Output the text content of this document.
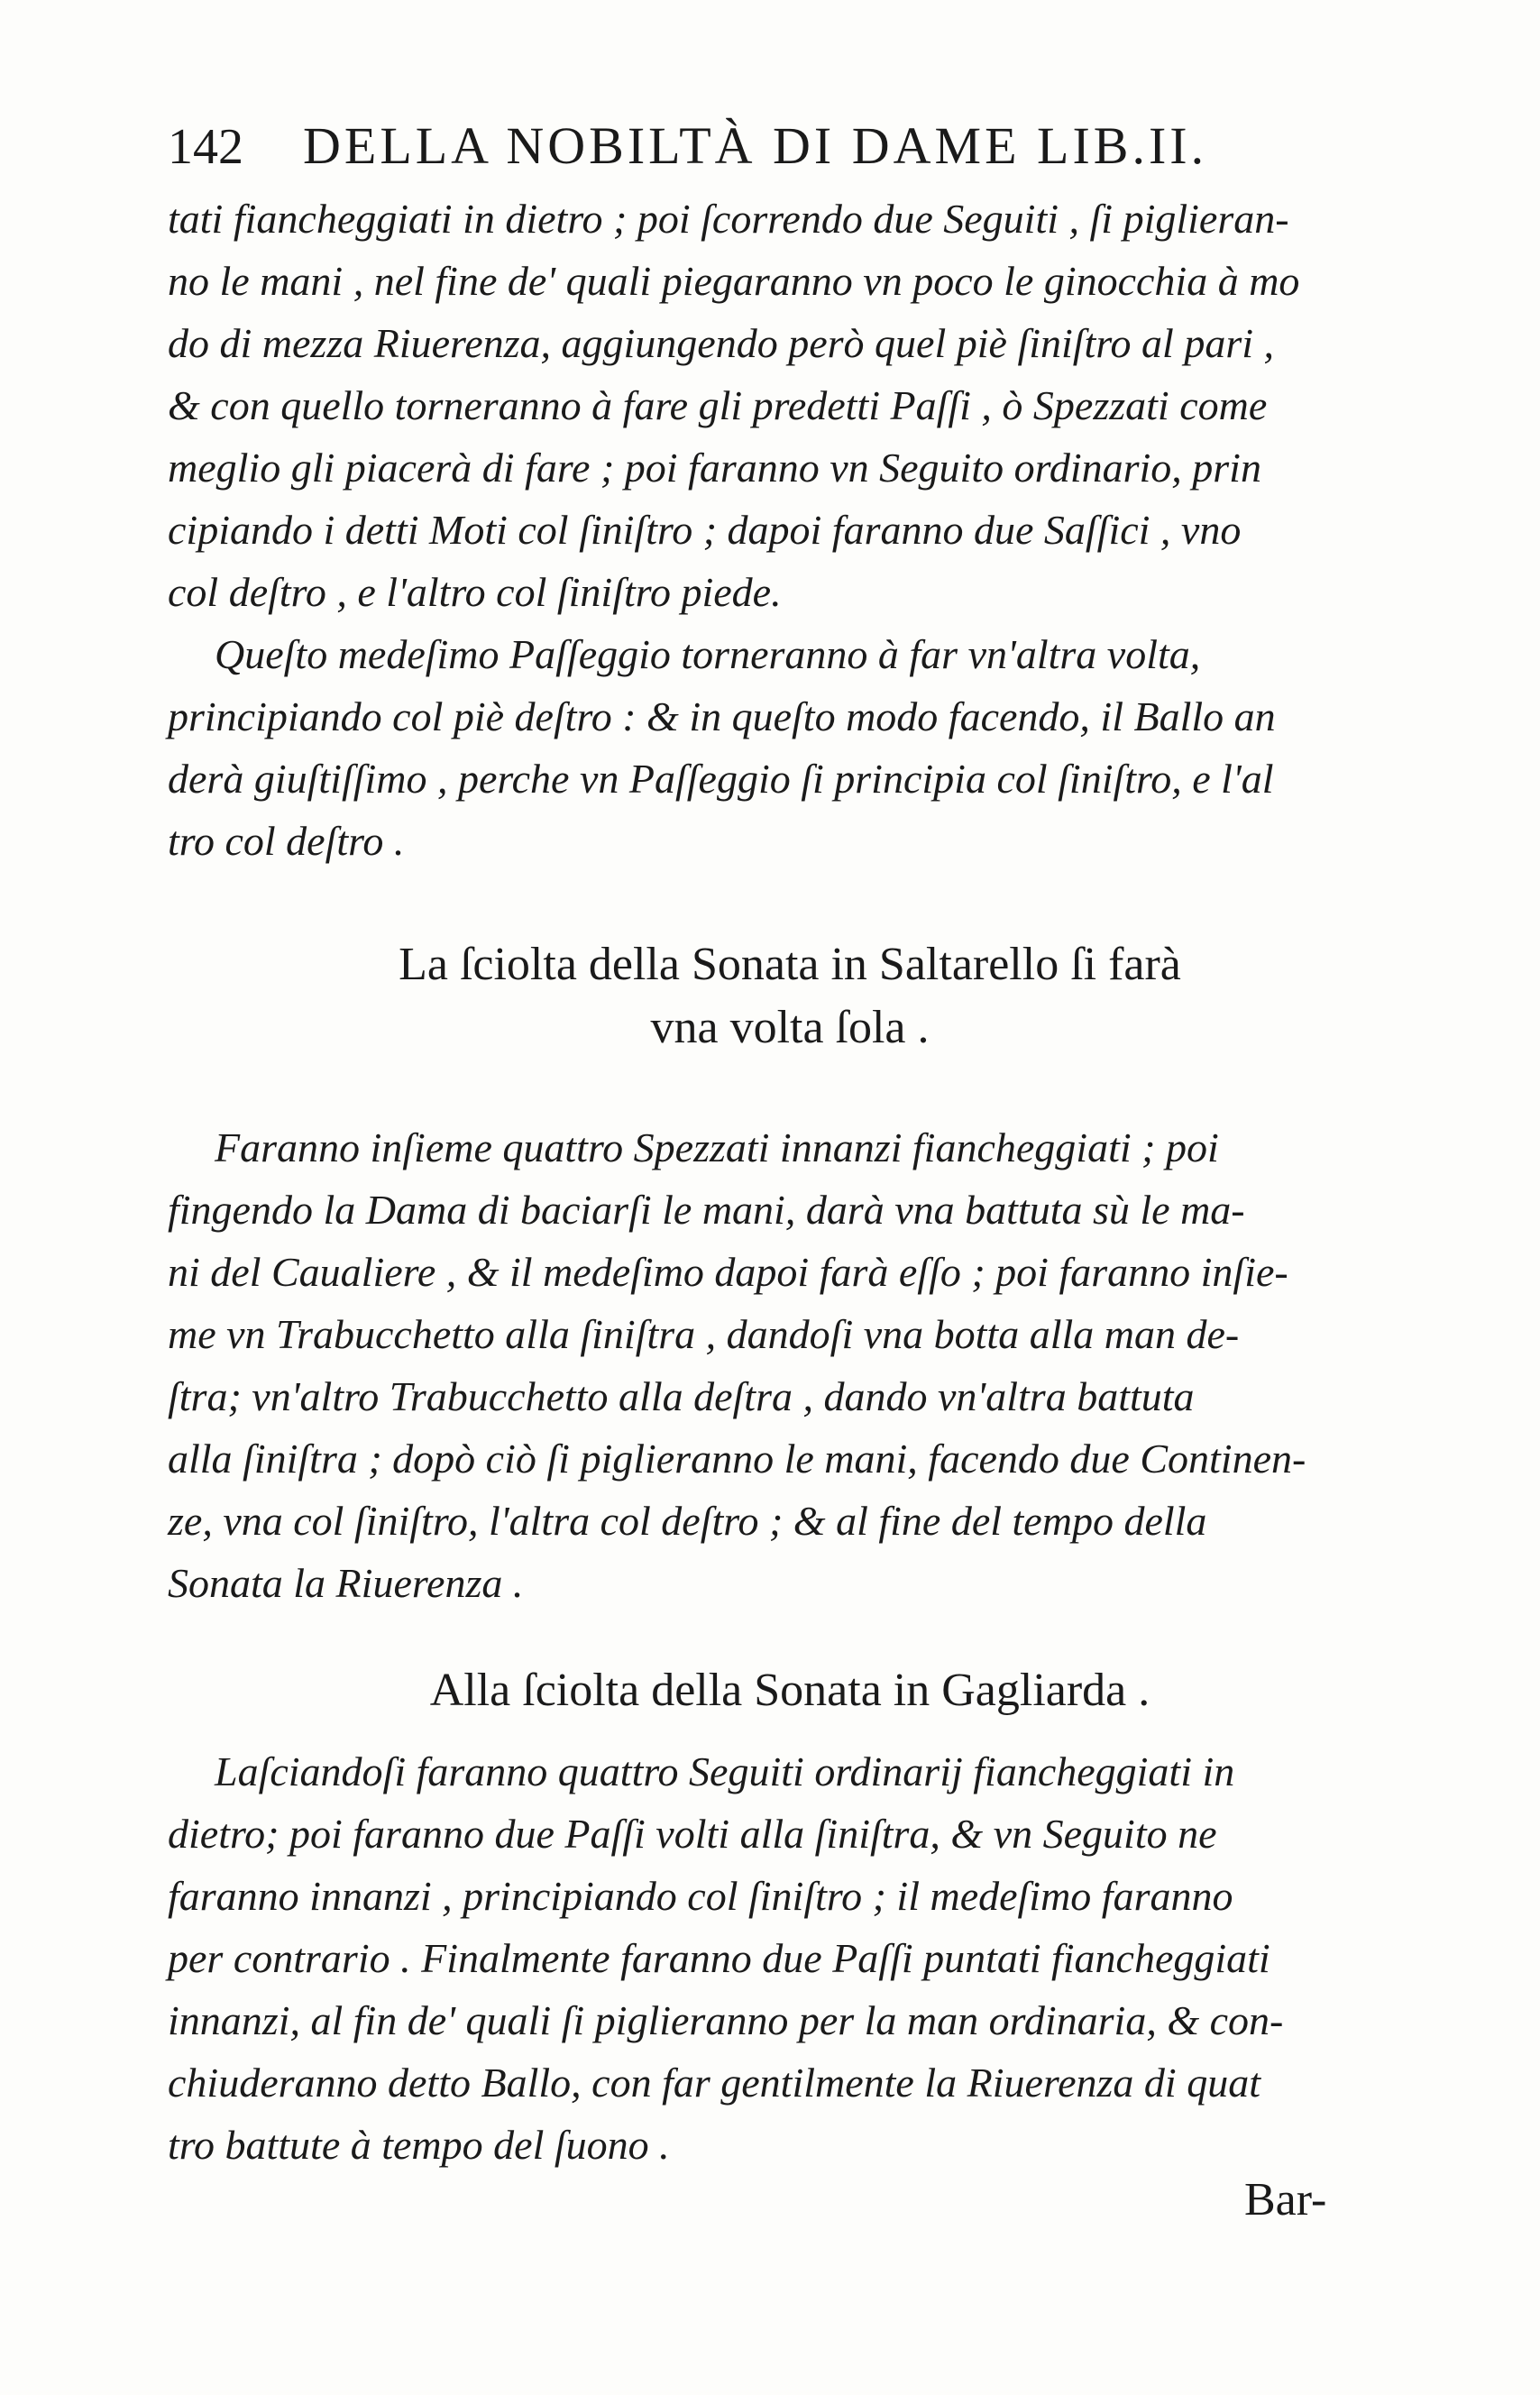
142 DELLA NOBILTÀ DI DAME LIB.II.
tati fiancheggiati in dietro ; poi ſcorrendo due Seguiti , ſi piglieran-
no le mani , nel fine de' quali piegaranno vn poco le ginocchia à mo
do di mezza Riuerenza, aggiungendo però quel piè ſiniſtro al pari ,
& con quello torneranno à fare gli predetti Paſſi , ò Spezzati come
meglio gli piacerà di fare ; poi faranno vn Seguito ordinario, prin
cipiando i detti Moti col ſiniſtro ; dapoi faranno due Saſſici , vno
col deſtro , e l'altro col ſiniſtro piede.
Queſto medeſimo Paſſeggio torneranno à far vn'altra volta,
principiando col piè deſtro : & in queſto modo facendo, il Ballo an
derà giuſtiſſimo , perche vn Paſſeggio ſi principia col ſiniſtro, e l'al
tro col deſtro .
La ſciolta della Sonata in Saltarello ſi farà
vna volta ſola .
Faranno inſieme quattro Spezzati innanzi fiancheggiati ; poi
fingendo la Dama di baciarſi le mani, darà vna battuta sù le ma-
ni del Caualiere , & il medeſimo dapoi farà eſſo ; poi faranno inſie-
me vn Trabucchetto alla ſiniſtra , dandoſi vna botta alla man de-
ſtra; vn'altro Trabucchetto alla deſtra , dando vn'altra battuta
alla ſiniſtra ; dopò ciò ſi piglieranno le mani, facendo due Continen-
ze, vna col ſiniſtro, l'altra col deſtro ; & al fine del tempo della
Sonata la Riuerenza .
Alla ſciolta della Sonata in Gagliarda .
Laſciandoſi faranno quattro Seguiti ordinarij fiancheggiati in
dietro; poi faranno due Paſſi volti alla ſiniſtra, & vn Seguito ne
faranno innanzi , principiando col ſiniſtro ; il medeſimo faranno
per contrario . Finalmente faranno due Paſſi puntati fiancheggiati
innanzi, al fin de' quali ſi piglieranno per la man ordinaria, & con-
chiuderanno detto Ballo, con far gentilmente la Riuerenza di quat
tro battute à tempo del ſuono .
Bar-
